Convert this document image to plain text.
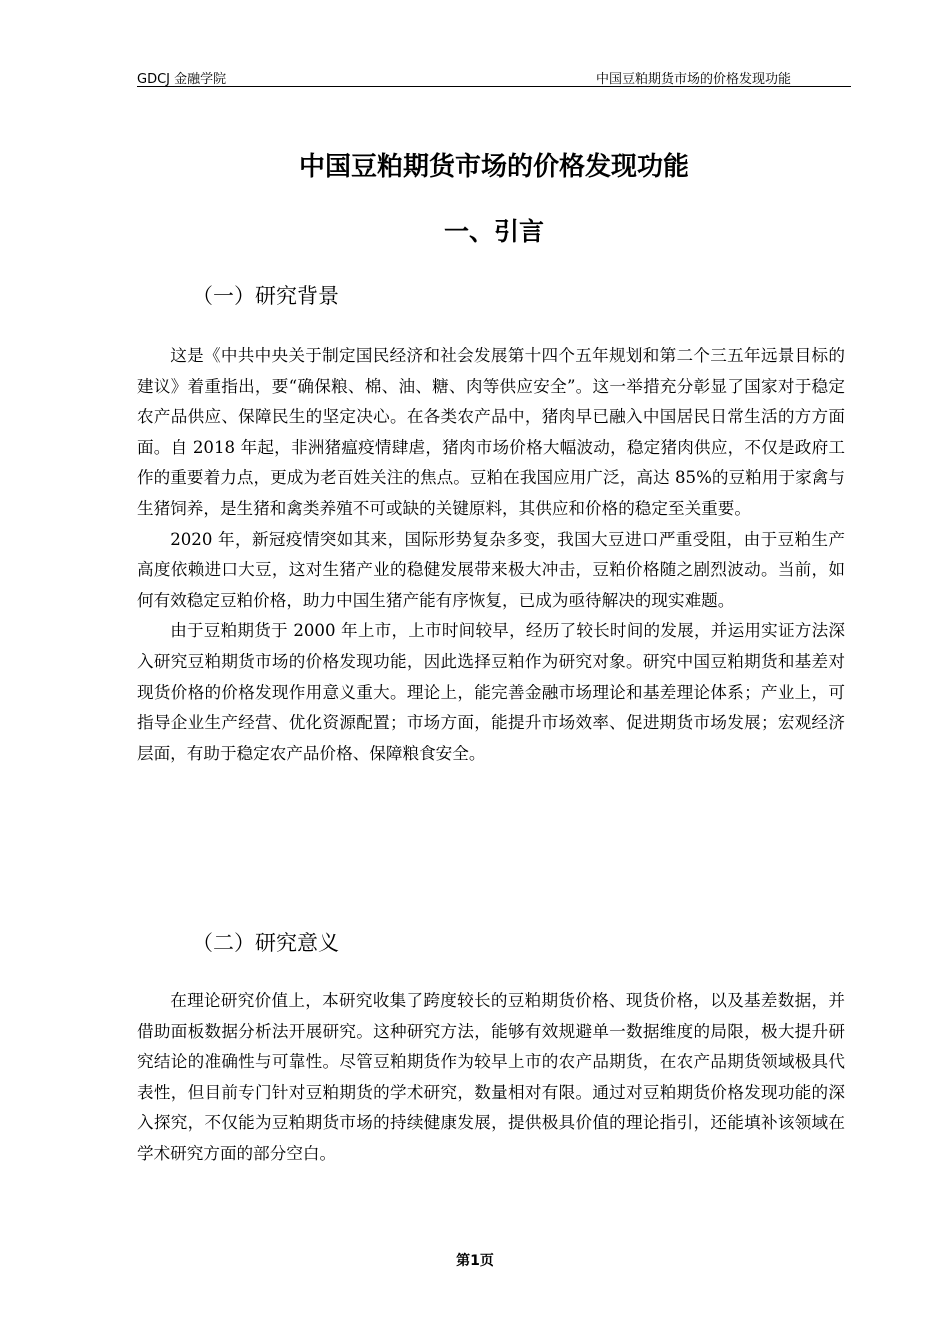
GDCJ 金融学院	中国豆粕期货市场的价格发现功能
中国豆粕期货市场的价格发现功能
一、引言
（一）研究背景

这是《中共中央关于制定国民经济和社会发展第十四个五年规划和第二个三五年远景目标的建议》着重指出，要“确保粮、棉、油、糖、肉等供应安全”。这一举措充分彰显了国家对于稳定农产品供应、保障民生的坚定决心。在各类农产品中，猪肉早已融入中国居民日常生活的方方面面。自 2018 年起，非洲猪瘟疫情肆虐，猪肉市场价格大幅波动，稳定猪肉供应，不仅是政府工作的重要着力点，更成为老百姓关注的焦点。豆粕在我国应用广泛，高达 85%的豆粕用于家禽与生猪饲养，是生猪和禽类养殖不可或缺的关键原料，其供应和价格的稳定至关重要。

2020 年，新冠疫情突如其来，国际形势复杂多变，我国大豆进口严重受阻，由于豆粕生产高度依赖进口大豆，这对生猪产业的稳健发展带来极大冲击，豆粕价格随之剧烈波动。当前，如何有效稳定豆粕价格，助力中国生猪产能有序恢复，已成为亟待解决的现实难题。

由于豆粕期货于 2000 年上市，上市时间较早，经历了较长时间的发展，并运用实证方法深入研究豆粕期货市场的价格发现功能，因此选择豆粕作为研究对象。研究中国豆粕期货和基差对现货价格的价格发现作用意义重大。理论上，能完善金融市场理论和基差理论体系；产业上，可指导企业生产经营、优化资源配置；市场方面，能提升市场效率、促进期货市场发展；宏观经济层面，有助于稳定农产品价格、保障粮食安全。

（二）研究意义

在理论研究价值上，本研究收集了跨度较长的豆粕期货价格、现货价格，以及基差数据，并借助面板数据分析法开展研究。这种研究方法，能够有效规避单一数据维度的局限，极大提升研究结论的准确性与可靠性。尽管豆粕期货作为较早上市的农产品期货，在农产品期货领域极具代表性，但目前专门针对豆粕期货的学术研究，数量相对有限。通过对豆粕期货价格发现功能的深入探究，不仅能为豆粕期货市场的持续健康发展，提供极具价值的理论指引，还能填补该领域在学术研究方面的部分空白。

第1页
